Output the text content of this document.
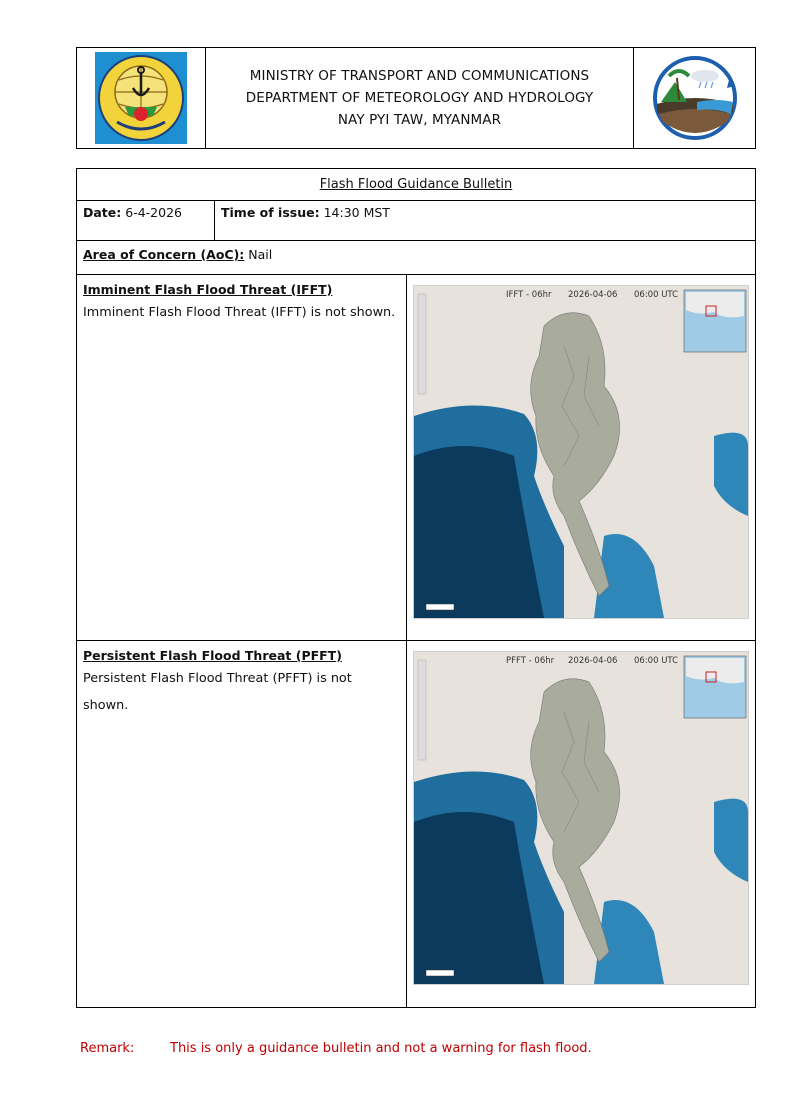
MINISTRY OF TRANSPORT AND COMMUNICATIONS
DEPARTMENT OF METEOROLOGY AND HYDROLOGY
NAY PYI TAW, MYANMAR
Flash Flood Guidance Bulletin
Date: 6-4-2026	Time of issue: 14:30 MST
Area of Concern (AoC): Nail
Imminent Flash Flood Threat (IFFT)
Imminent Flash Flood Threat (IFFT) is not shown.
IFFT - 06hr 2026-04-06 06:00 UTC
Persistent Flash Flood Threat (PFFT)
Persistent Flash Flood Threat (PFFT) is not shown.
PFFT - 06hr 2026-04-06 06:00 UTC
Remark:	This is only a guidance bulletin and not a warning for flash flood.
